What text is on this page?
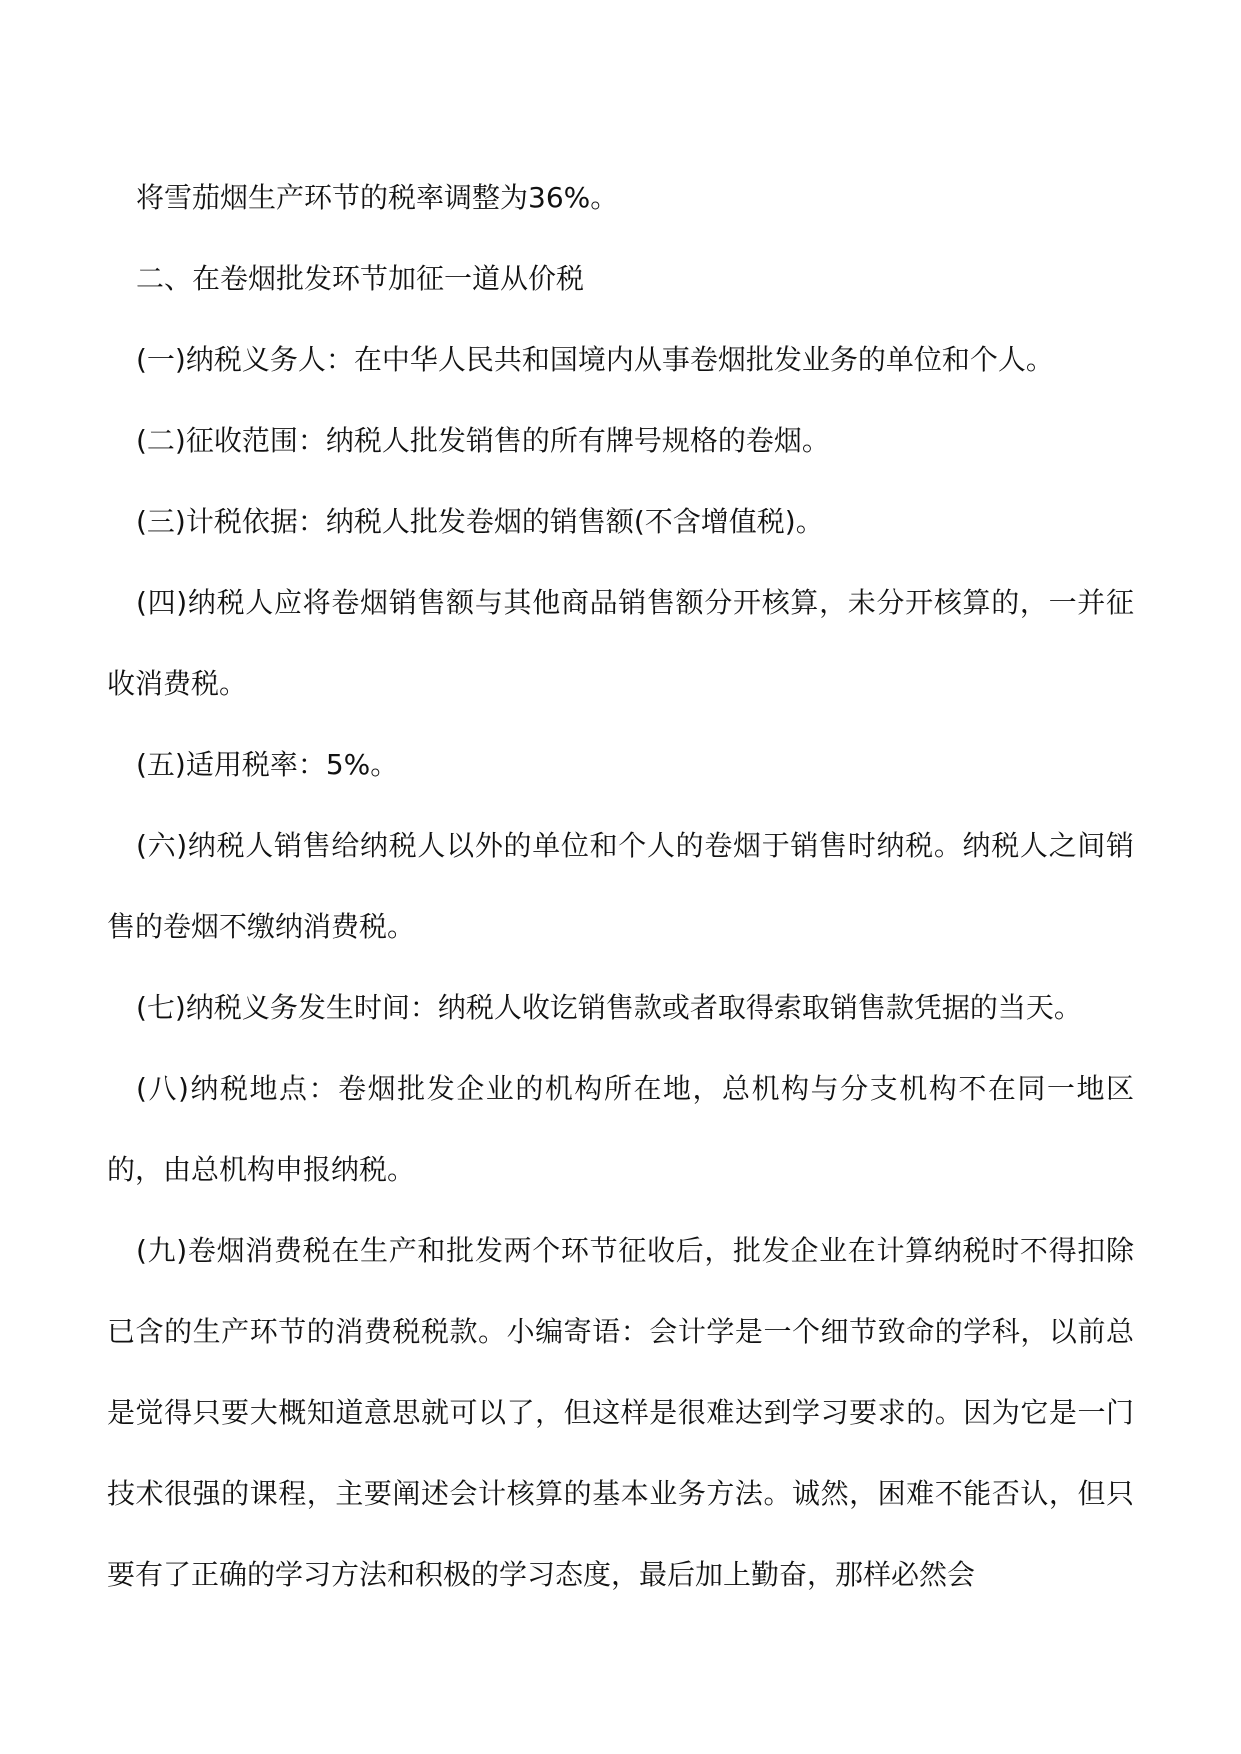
将雪茄烟生产环节的税率调整为36%。

二、在卷烟批发环节加征一道从价税

(一)纳税义务人：在中华人民共和国境内从事卷烟批发业务的单位和个人。

(二)征收范围：纳税人批发销售的所有牌号规格的卷烟。

(三)计税依据：纳税人批发卷烟的销售额(不含增值税)。

(四)纳税人应将卷烟销售额与其他商品销售额分开核算，未分开核算的，一并征收消费税。

(五)适用税率：5%。

(六)纳税人销售给纳税人以外的单位和个人的卷烟于销售时纳税。纳税人之间销售的卷烟不缴纳消费税。

(七)纳税义务发生时间：纳税人收讫销售款或者取得索取销售款凭据的当天。

(八)纳税地点：卷烟批发企业的机构所在地，总机构与分支机构不在同一地区的，由总机构申报纳税。

(九)卷烟消费税在生产和批发两个环节征收后，批发企业在计算纳税时不得扣除已含的生产环节的消费税税款。小编寄语：会计学是一个细节致命的学科，以前总是觉得只要大概知道意思就可以了，但这样是很难达到学习要求的。因为它是一门技术很强的课程，主要阐述会计核算的基本业务方法。诚然，困难不能否认，但只要有了正确的学习方法和积极的学习态度，最后加上勤奋，那样必然会
